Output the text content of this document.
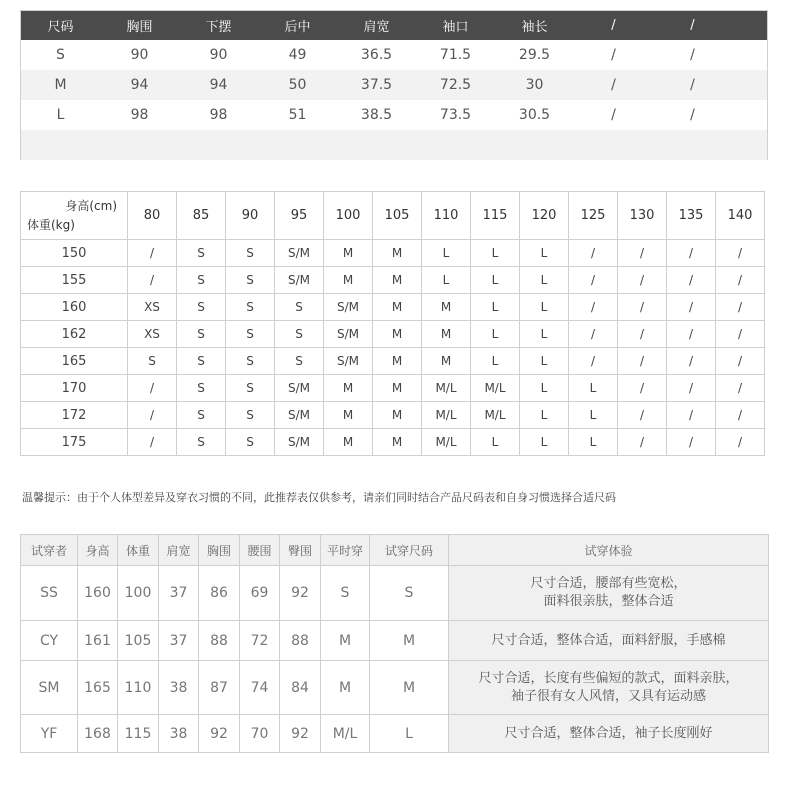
尺码	胸围	下摆	后中	肩宽	袖口	袖长	/	/
S	90	90	49	36.5	71.5	29.5	/	/
M	94	94	50	37.5	72.5	30	/	/
L	98	98	51	38.5	73.5	30.5	/	/
身高(cm)
体重(kg)	80	85	90	95	100	105	110	115	120	125	130	135	140
150	/	S	S	S/M	M	M	L	L	L	/	/	/	/
155	/	S	S	S/M	M	M	L	L	L	/	/	/	/
160	XS	S	S	S	S/M	M	M	L	L	/	/	/	/
162	XS	S	S	S	S/M	M	M	L	L	/	/	/	/
165	S	S	S	S	S/M	M	M	L	L	/	/	/	/
170	/	S	S	S/M	M	M	M/L	M/L	L	L	/	/	/
172	/	S	S	S/M	M	M	M/L	M/L	L	L	/	/	/
175	/	S	S	S/M	M	M	M/L	L	L	L	/	/	/
温馨提示：由于个人体型差异及穿衣习惯的不同，此推荐表仅供参考，请亲们同时结合产品尺码表和自身习惯选择合适尺码
试穿者	身高	体重	肩宽	胸围	腰围	臀围	平时穿	试穿尺码	试穿体验
SS	160	100	37	86	69	92	S	S	尺寸合适，腰部有些宽松，
面料很亲肤，整体合适
CY	161	105	37	88	72	88	M	M	尺寸合适，整体合适，面料舒服，手感棉
SM	165	110	38	87	74	84	M	M	尺寸合适，长度有些偏短的款式，面料亲肤，
袖子很有女人风情，又具有运动感
YF	168	115	38	92	70	92	M/L	L	尺寸合适，整体合适，袖子长度刚好
